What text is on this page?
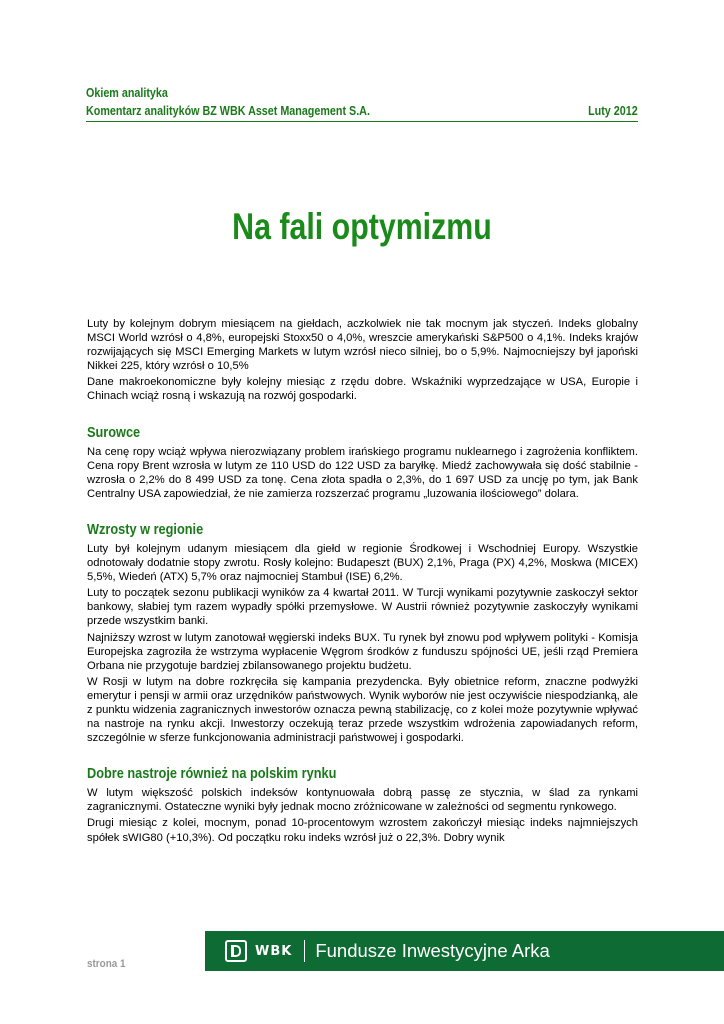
Okiem analityka
Komentarz analityków BZ WBK Asset Management S.A.	Luty 2012
Na fali optymizmu

Luty by kolejnym dobrym miesiącem na giełdach, aczkolwiek nie tak mocnym jak styczeń. Indeks globalny MSCI World wzrósł o 4,8%, europejski Stoxx50 o 4,0%, wreszcie amerykański S&P500 o 4,1%. Indeks krajów rozwijających się MSCI Emerging Markets w lutym wzrósł nieco silniej, bo o 5,9%. Najmocniejszy był japoński Nikkei 225, który wzrósł o 10,5%

Dane makroekonomiczne były kolejny miesiąc z rzędu dobre. Wskaźniki wyprzedzające w USA, Europie i Chinach wciąż rosną i wskazują na rozwój gospodarki.

Surowce

Na cenę ropy wciąż wpływa nierozwiązany problem irańskiego programu nuklearnego i zagrożenia konfliktem. Cena ropy Brent wzrosła w lutym ze 110 USD do 122 USD za baryłkę. Miedź zachowywała się dość stabilnie - wzrosła o 2,2% do 8 499 USD za tonę. Cena złota spadła o 2,3%, do 1 697 USD za uncję po tym, jak Bank Centralny USA zapowiedział, że nie zamierza rozszerzać programu „luzowania ilościowego” dolara.

Wzrosty w regionie

Luty był kolejnym udanym miesiącem dla giełd w regionie Środkowej i Wschodniej Europy. Wszystkie odnotowały dodatnie stopy zwrotu. Rosły kolejno: Budapeszt (BUX) 2,1%, Praga (PX) 4,2%, Moskwa (MICEX) 5,5%, Wiedeń (ATX) 5,7% oraz najmocniej Stambuł (ISE) 6,2%.

Luty to początek sezonu publikacji wyników za 4 kwartał 2011. W Turcji wynikami pozytywnie zaskoczył sektor bankowy, słabiej tym razem wypadły spółki przemysłowe. W Austrii również pozytywnie zaskoczyły wynikami przede wszystkim banki.

Najniższy wzrost w lutym zanotował węgierski indeks BUX. Tu rynek był znowu pod wpływem polityki - Komisja Europejska zagroziła że wstrzyma wypłacenie Węgrom środków z funduszu spójności UE, jeśli rząd Premiera Orbana nie przygotuje bardziej zbilansowanego projektu budżetu.

W Rosji w lutym na dobre rozkręciła się kampania prezydencka. Były obietnice reform, znaczne podwyżki emerytur i pensji w armii oraz urzędników państwowych. Wynik wyborów nie jest oczywiście niespodzianką, ale z punktu widzenia zagranicznych inwestorów oznacza pewną stabilizację, co z kolei może pozytywnie wpływać na nastroje na rynku akcji. Inwestorzy oczekują teraz przede wszystkim wdrożenia zapowiadanych reform, szczególnie w sferze funkcjonowania administracji państwowej i gospodarki.

Dobre nastroje również na polskim rynku

W lutym większość polskich indeksów kontynuowała dobrą passę ze stycznia, w ślad za rynkami zagranicznymi. Ostateczne wyniki były jednak mocno zróżnicowane w zależności od segmentu rynkowego.

Drugi miesiąc z kolei, mocnym, ponad 10-procentowym wzrostem zakończył miesiąc indeks najmniejszych spółek sWIG80 (+10,3%). Od początku roku indeks wzrósł już o 22,3%. Dobry wynik

WBK Fundusze Inwestycyjne Arka
strona 1
